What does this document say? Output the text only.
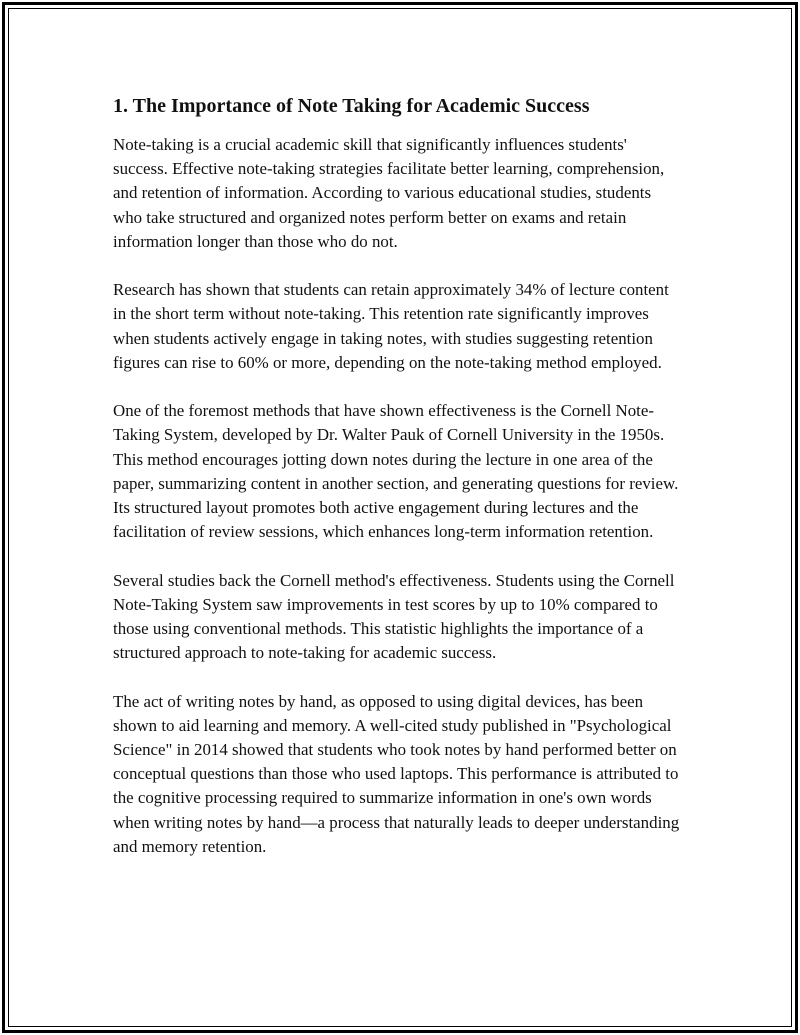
1. The Importance of Note Taking for Academic Success

Note-taking is a crucial academic skill that significantly influences students' success. Effective note-taking strategies facilitate better learning, comprehension, and retention of information. According to various educational studies, students who take structured and organized notes perform better on exams and retain information longer than those who do not.

Research has shown that students can retain approximately 34% of lecture content in the short term without note-taking. This retention rate significantly improves when students actively engage in taking notes, with studies suggesting retention figures can rise to 60% or more, depending on the note-taking method employed.

One of the foremost methods that have shown effectiveness is the Cornell Note-Taking System, developed by Dr. Walter Pauk of Cornell University in the 1950s. This method encourages jotting down notes during the lecture in one area of the paper, summarizing content in another section, and generating questions for review. Its structured layout promotes both active engagement during lectures and the facilitation of review sessions, which enhances long-term information retention.

Several studies back the Cornell method's effectiveness. Students using the Cornell Note-Taking System saw improvements in test scores by up to 10% compared to those using conventional methods. This statistic highlights the importance of a structured approach to note-taking for academic success.

The act of writing notes by hand, as opposed to using digital devices, has been shown to aid learning and memory. A well-cited study published in "Psychological Science" in 2014 showed that students who took notes by hand performed better on conceptual questions than those who used laptops. This performance is attributed to the cognitive processing required to summarize information in one's own words when writing notes by hand—a process that naturally leads to deeper understanding and memory retention.
